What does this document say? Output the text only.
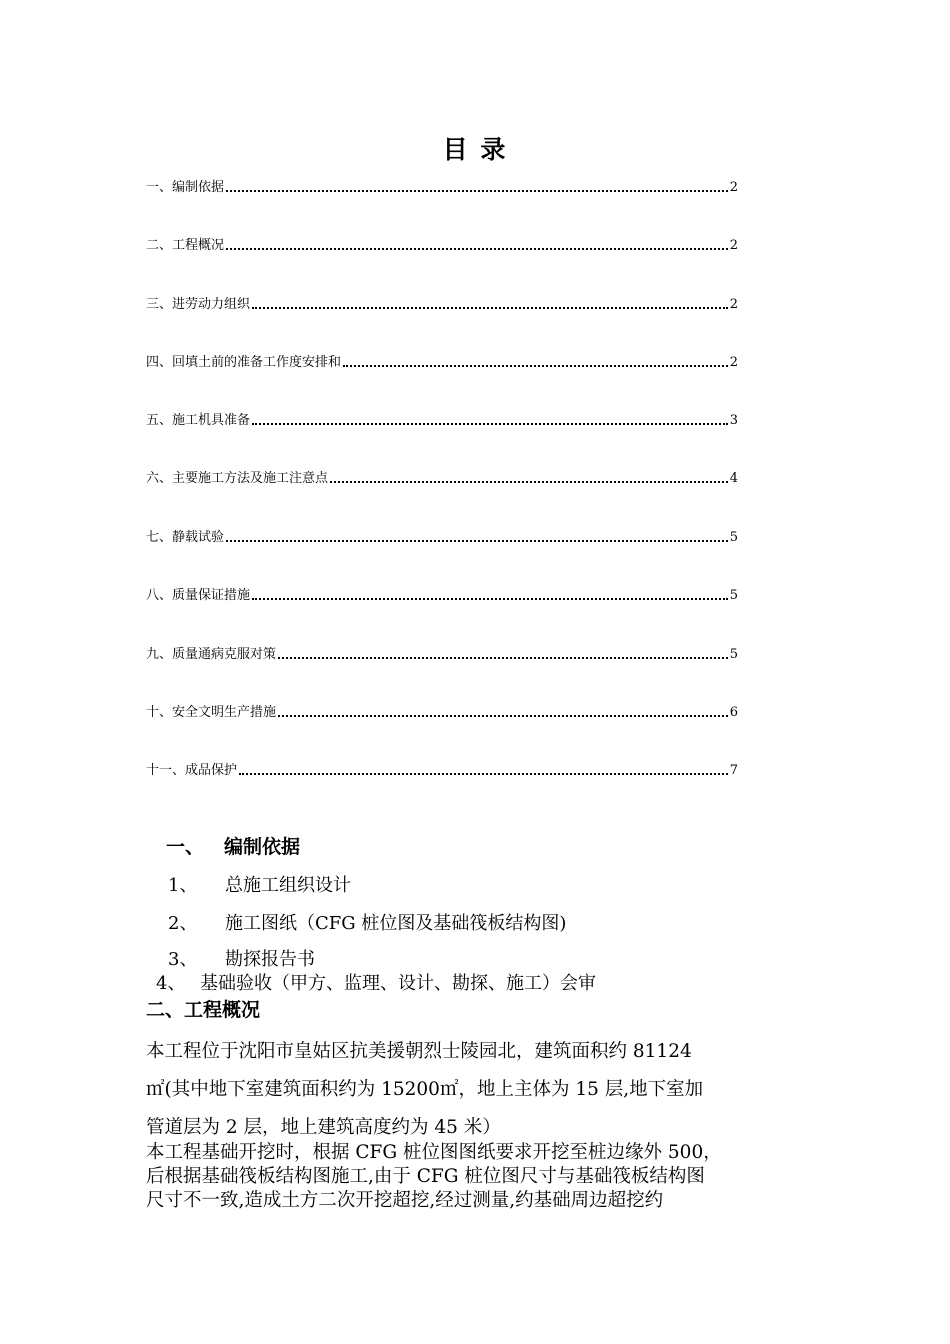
目 录
一、编制依据	2
二、工程概况	2
三、进劳动力组织	2
四、回填土前的准备工作度安排和	2
五、施工机具准备	3
六、主要施工方法及施工注意点	4
七、静载试验	5
八、质量保证措施	5
九、质量通病克服对策	5
十、安全文明生产措施	6
十一、成品保护	7
一、 编制依据
1、 总施工组织设计
2、 施工图纸（CFG 桩位图及基础筏板结构图)
3、 勘探报告书
4、 基础验收（甲方、监理、设计、勘探、施工）会审
二、工程概况
本工程位于沈阳市皇姑区抗美援朝烈士陵园北，建筑面积约 81124
㎡(其中地下室建筑面积约为 15200㎡，地上主体为 15 层,地下室加
管道层为 2 层，地上建筑高度约为 45 米）
本工程基础开挖时，根据 CFG 桩位图图纸要求开挖至桩边缘外 500，
后根据基础筏板结构图施工,由于 CFG 桩位图尺寸与基础筏板结构图
尺寸不一致,造成土方二次开挖超挖,经过测量,约基础周边超挖约
